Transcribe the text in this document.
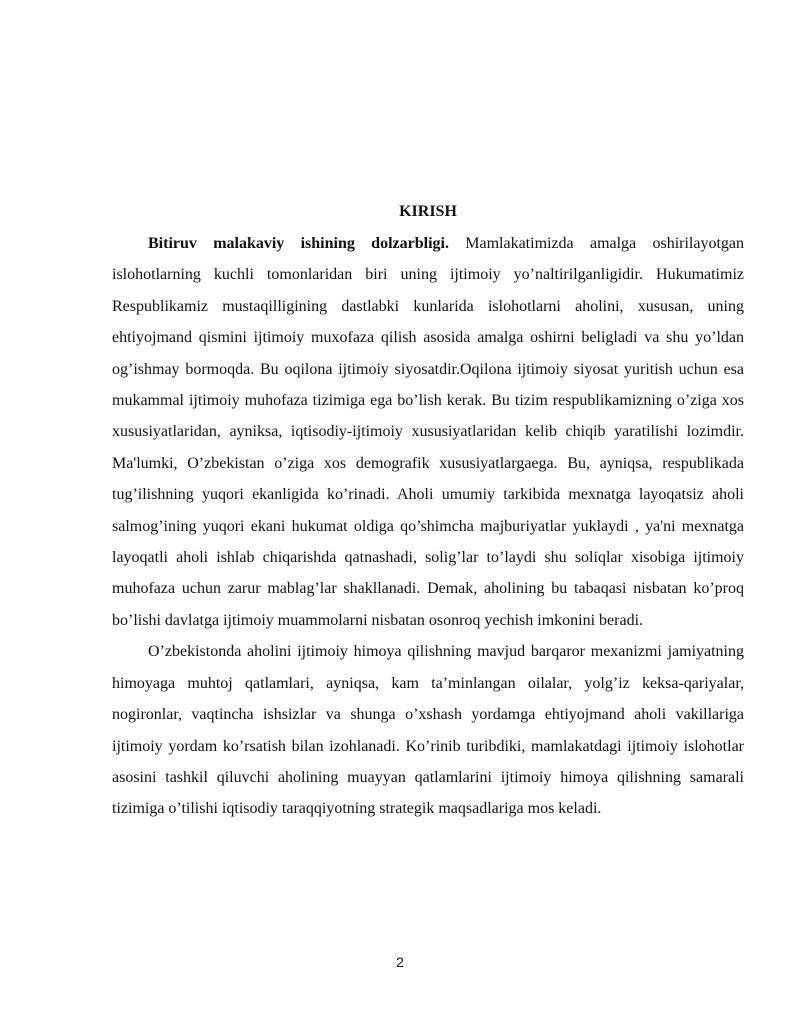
KIRISH

Bitiruv malakaviy ishining dolzarbligi. Mamlakatimizda amalga oshirilayotgan islohotlarning kuchli tomonlaridan biri uning ijtimoiy yo’naltirilganligidir. Hukumatimiz Respublikamiz mustaqilligining dastlabki kunlarida islohotlarni aholini, xususan, uning ehtiyojmand qismini ijtimoiy muxofaza qilish asosida amalga oshirni beligladi va shu yo’ldan og’ishmay bormoqda. Bu oqilona ijtimoiy siyosatdir.Oqilona ijtimoiy siyosat yuritish uchun esa mukammal ijtimoiy muhofaza tizimiga ega bo’lish kerak. Bu tizim respublikamizning o’ziga xos xususiyatlaridan, ayniksa, iqtisodiy-ijtimoiy xususiyatlaridan kelib chiqib yaratilishi lozimdir. Ma'lumki, O’zbekistan o’ziga xos demografik xususiyatlargaega. Bu, ayniqsa, respublikada tug’ilishning yuqori ekanligida ko’rinadi. Aholi umumiy tarkibida mexnatga layoqatsiz aholi salmog’ining yuqori ekani hukumat oldiga qo’shimcha majburiyatlar yuklaydi , ya'ni mexnatga layoqatli aholi ishlab chiqarishda qatnashadi, solig’lar to’laydi shu soliqlar xisobiga ijtimoiy muhofaza uchun zarur mablag’lar shakllanadi. Demak, aholining bu tabaqasi nisbatan ko’proq bo’lishi davlatga ijtimoiy muammolarni nisbatan osonroq yechish imkonini beradi.

O’zbekistonda aholini ijtimoiy himoya qilishning mavjud barqaror mexanizmi jamiyatning himoyaga muhtoj qatlamlari, ayniqsa, kam ta’minlangan oilalar, yolg’iz keksa-qariyalar, nogironlar, vaqtincha ishsizlar va shunga o’xshash yordamga ehtiyojmand aholi vakillariga ijtimoiy yordam ko’rsatish bilan izohlanadi. Ko’rinib turibdiki, mamlakatdagi ijtimoiy islohotlar asosini tashkil qiluvchi aholining muayyan qatlamlarini ijtimoiy himoya qilishning samarali tizimiga o’tilishi iqtisodiy taraqqiyotning strategik maqsadlariga mos keladi.

2
